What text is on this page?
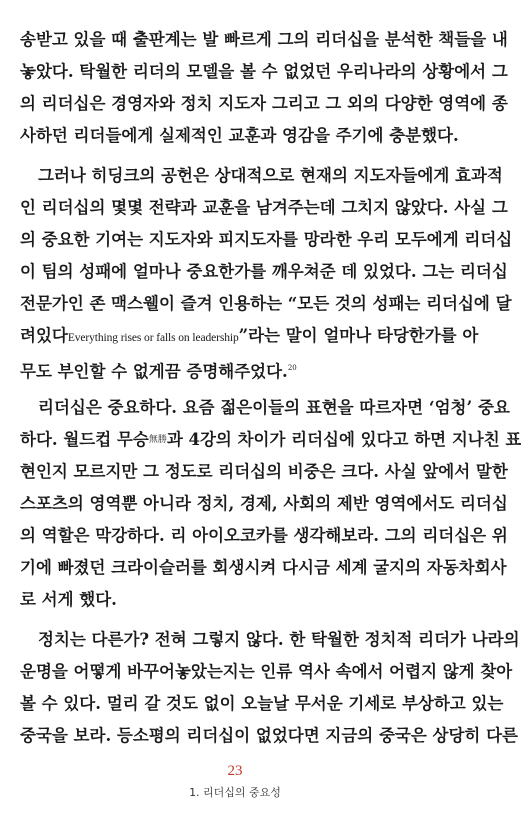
송받고 있을 때 출판계는 발 빠르게 그의 리더십을 분석한 책들을 내
놓았다. 탁월한 리더의 모델을 볼 수 없었던 우리나라의 상황에서 그
의 리더십은 경영자와 정치 지도자 그리고 그 외의 다양한 영역에 종
사하던 리더들에게 실제적인 교훈과 영감을 주기에 충분했다.
그러나 히딩크의 공헌은 상대적으로 현재의 지도자들에게 효과적
인 리더십의 몇몇 전략과 교훈을 남겨주는데 그치지 않았다. 사실 그
의 중요한 기여는 지도자와 피지도자를 망라한 우리 모두에게 리더십
이 팀의 성패에 얼마나 중요한가를 깨우쳐준 데 있었다. 그는 리더십
전문가인 존 맥스웰이 즐겨 인용하는 “모든 것의 성패는 리더십에 달
려있다Everything rises or falls on leadership”라는 말이 얼마나 타당한가를 아
무도 부인할 수 없게끔 증명해주었다.$^{20}$
리더십은 중요하다. 요즘 젊은이들의 표현을 따르자면 ‘엄청’ 중요
하다. 월드컵 무승無勝과 4강의 차이가 리더십에 있다고 하면 지나친 표
현인지 모르지만 그 정도로 리더십의 비중은 크다. 사실 앞에서 말한
스포츠의 영역뿐 아니라 정치, 경제, 사회의 제반 영역에서도 리더십
의 역할은 막강하다. 리 아이오코카를 생각해보라. 그의 리더십은 위
기에 빠졌던 크라이슬러를 회생시켜 다시금 세계 굴지의 자동차회사
로 서게 했다.
정치는 다른가? 전혀 그렇지 않다. 한 탁월한 정치적 리더가 나라의
운명을 어떻게 바꾸어놓았는지는 인류 역사 속에서 어렵지 않게 찾아
볼 수 있다. 멀리 갈 것도 없이 오늘날 무서운 기세로 부상하고 있는
중국을 보라. 등소평의 리더십이 없었다면 지금의 중국은 상당히 다른
23
1. 리더십의 중요성
